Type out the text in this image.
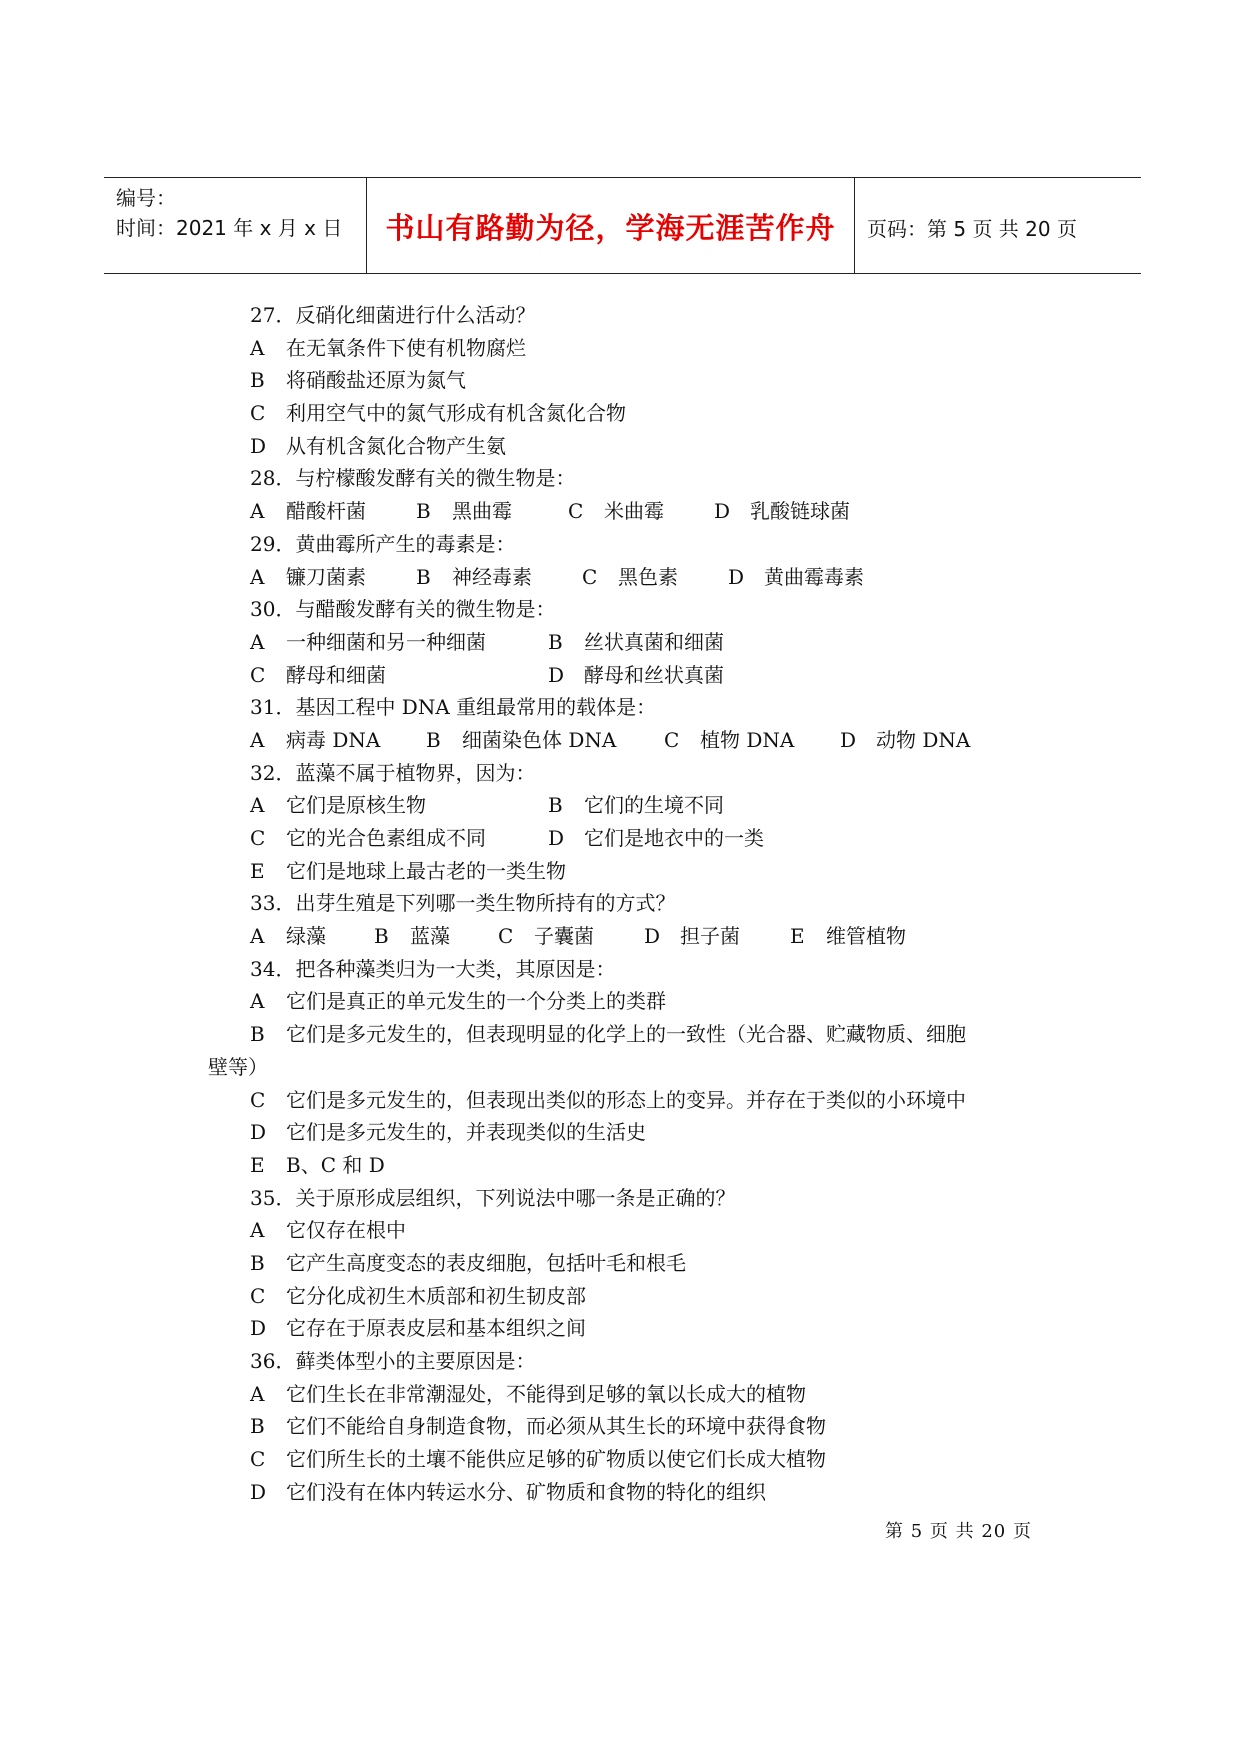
编号：
时间：2021 年 x 月 x 日	书山有路勤为径，学海无涯苦作舟	页码：第 5 页 共 20 页
27．反硝化细菌进行什么活动？
A 在无氧条件下使有机物腐烂
B 将硝酸盐还原为氮气
C 利用空气中的氮气形成有机含氮化合物
D 从有机含氮化合物产生氨
28．与柠檬酸发酵有关的微生物是：
A 醋酸杆菌	B 黑曲霉	C 米曲霉	D 乳酸链球菌
29．黄曲霉所产生的毒素是：
A 镰刀菌素	B 神经毒素	C 黑色素	D 黄曲霉毒素
30．与醋酸发酵有关的微生物是：
A 一种细菌和另一种细菌	B 丝状真菌和细菌
C 酵母和细菌	D 酵母和丝状真菌
31．基因工程中 DNA 重组最常用的载体是：
A 病毒 DNA	B 细菌染色体 DNA	C 植物 DNA	D 动物 DNA
32．蓝藻不属于植物界，因为：
A 它们是原核生物	B 它们的生境不同
C 它的光合色素组成不同	D 它们是地衣中的一类
E 它们是地球上最古老的一类生物
33．出芽生殖是下列哪一类生物所持有的方式？
A 绿藻	B 蓝藻	C 子囊菌	D 担子菌	E 维管植物
34．把各种藻类归为一大类，其原因是：
A 它们是真正的单元发生的一个分类上的类群
B 它们是多元发生的，但表现明显的化学上的一致性（光合器、贮藏物质、细胞
壁等）
C 它们是多元发生的，但表现出类似的形态上的变异。并存在于类似的小环境中
D 它们是多元发生的，并表现类似的生活史
E B、C 和 D
35．关于原形成层组织，下列说法中哪一条是正确的？
A 它仅存在根中
B 它产生高度变态的表皮细胞，包括叶毛和根毛
C 它分化成初生木质部和初生韧皮部
D 它存在于原表皮层和基本组织之间
36．藓类体型小的主要原因是：
A 它们生长在非常潮湿处，不能得到足够的氧以长成大的植物
B 它们不能给自身制造食物，而必须从其生长的环境中获得食物
C 它们所生长的土壤不能供应足够的矿物质以使它们长成大植物
D 它们没有在体内转运水分、矿物质和食物的特化的组织
第 5 页 共 20 页
